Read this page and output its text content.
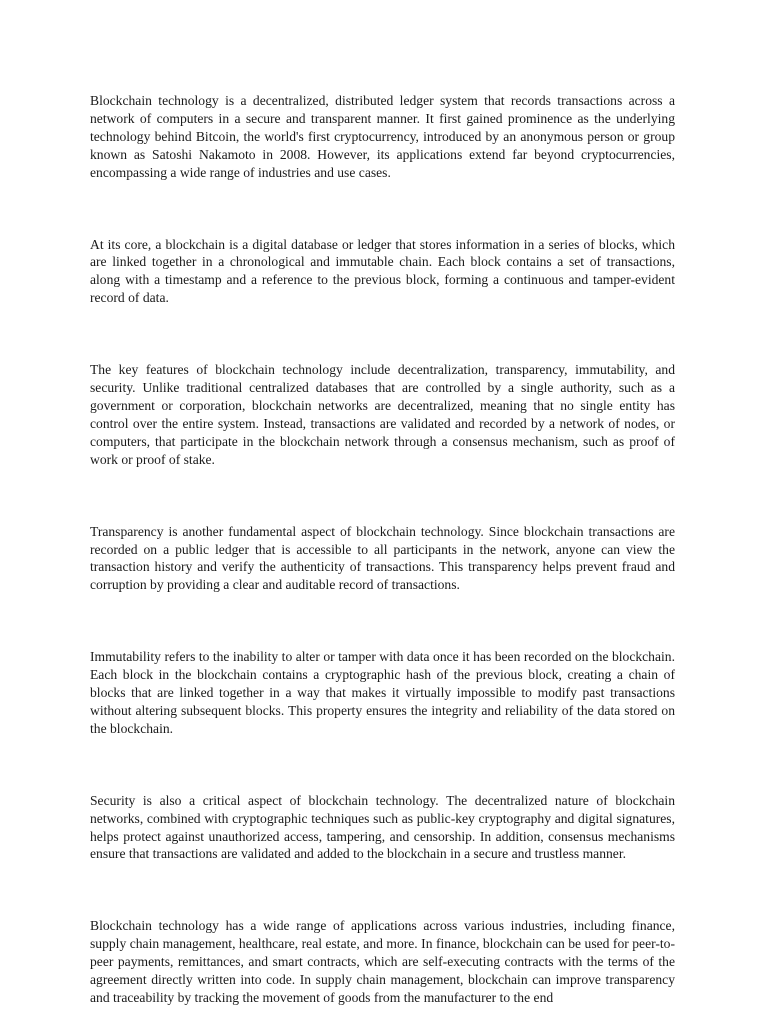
Blockchain technology is a decentralized, distributed ledger system that records transactions across a network of computers in a secure and transparent manner. It first gained prominence as the underlying technology behind Bitcoin, the world's first cryptocurrency, introduced by an anonymous person or group known as Satoshi Nakamoto in 2008. However, its applications extend far beyond cryptocurrencies, encompassing a wide range of industries and use cases.

At its core, a blockchain is a digital database or ledger that stores information in a series of blocks, which are linked together in a chronological and immutable chain. Each block contains a set of transactions, along with a timestamp and a reference to the previous block, forming a continuous and tamper-evident record of data.

The key features of blockchain technology include decentralization, transparency, immutability, and security. Unlike traditional centralized databases that are controlled by a single authority, such as a government or corporation, blockchain networks are decentralized, meaning that no single entity has control over the entire system. Instead, transactions are validated and recorded by a network of nodes, or computers, that participate in the blockchain network through a consensus mechanism, such as proof of work or proof of stake.

Transparency is another fundamental aspect of blockchain technology. Since blockchain transactions are recorded on a public ledger that is accessible to all participants in the network, anyone can view the transaction history and verify the authenticity of transactions. This transparency helps prevent fraud and corruption by providing a clear and auditable record of transactions.

Immutability refers to the inability to alter or tamper with data once it has been recorded on the blockchain. Each block in the blockchain contains a cryptographic hash of the previous block, creating a chain of blocks that are linked together in a way that makes it virtually impossible to modify past transactions without altering subsequent blocks. This property ensures the integrity and reliability of the data stored on the blockchain.

Security is also a critical aspect of blockchain technology. The decentralized nature of blockchain networks, combined with cryptographic techniques such as public-key cryptography and digital signatures, helps protect against unauthorized access, tampering, and censorship. In addition, consensus mechanisms ensure that transactions are validated and added to the blockchain in a secure and trustless manner.

Blockchain technology has a wide range of applications across various industries, including finance, supply chain management, healthcare, real estate, and more. In finance, blockchain can be used for peer-to-peer payments, remittances, and smart contracts, which are self-executing contracts with the terms of the agreement directly written into code. In supply chain management, blockchain can improve transparency and traceability by tracking the movement of goods from the manufacturer to the end
